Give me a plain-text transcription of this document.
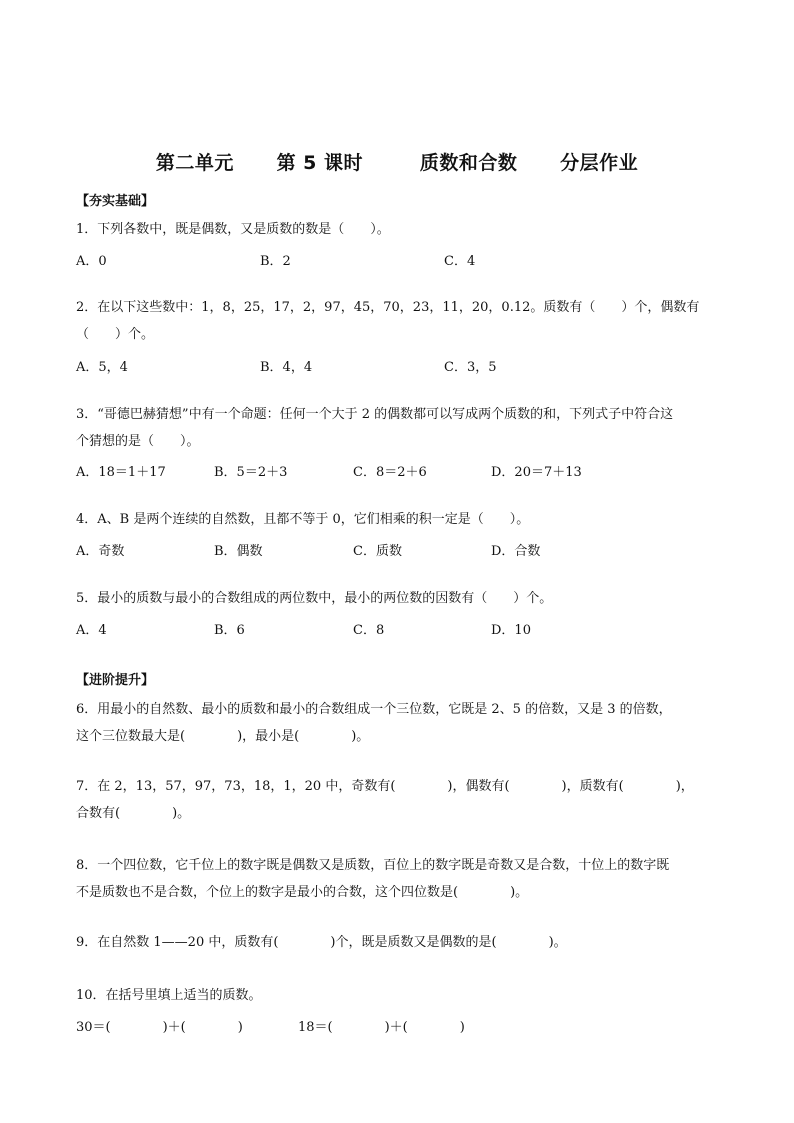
第二单元      第 5 课时        质数和合数      分层作业
【夯实基础】
1．下列各数中，既是偶数，又是质数的数是（　　）。
A．0	B．2	C．4
2．在以下这些数中：1，8，25，17，2，97，45，70，23，11，20，0.12。质数有（　　）个，偶数有
（　　）个。
A．5，4	B．4，4	C．3，5
3．“哥德巴赫猜想”中有一个命题：任何一个大于 2 的偶数都可以写成两个质数的和，下列式子中符合这
个猜想的是（　　）。
A．18＝1＋17	B．5＝2＋3	C．8＝2＋6	D．20＝7＋13
4．A、B 是两个连续的自然数，且都不等于 0，它们相乘的积一定是（　　）。
A．奇数	B．偶数	C．质数	D．合数
5．最小的质数与最小的合数组成的两位数中，最小的两位数的因数有（　　）个。
A．4	B．6	C．8	D．10
【进阶提升】
6．用最小的自然数、最小的质数和最小的合数组成一个三位数，它既是 2、5 的倍数，又是 3 的倍数，
这个三位数最大是(　　　　)，最小是(　　　　)。
7．在 2，13，57，97，73，18，1，20 中，奇数有(　　　　)，偶数有(　　　　)，质数有(　　　　)，
合数有(　　　　)。
8．一个四位数，它千位上的数字既是偶数又是质数，百位上的数字既是奇数又是合数，十位上的数字既
不是质数也不是合数，个位上的数字是最小的合数，这个四位数是(　　　　)。
9．在自然数 1——20 中，质数有(　　　　)个，既是质数又是偶数的是(　　　　)。
10．在括号里填上适当的质数。
30＝(　　　　)＋(　　　　)	18＝(　　　　)＋(　　　　)
